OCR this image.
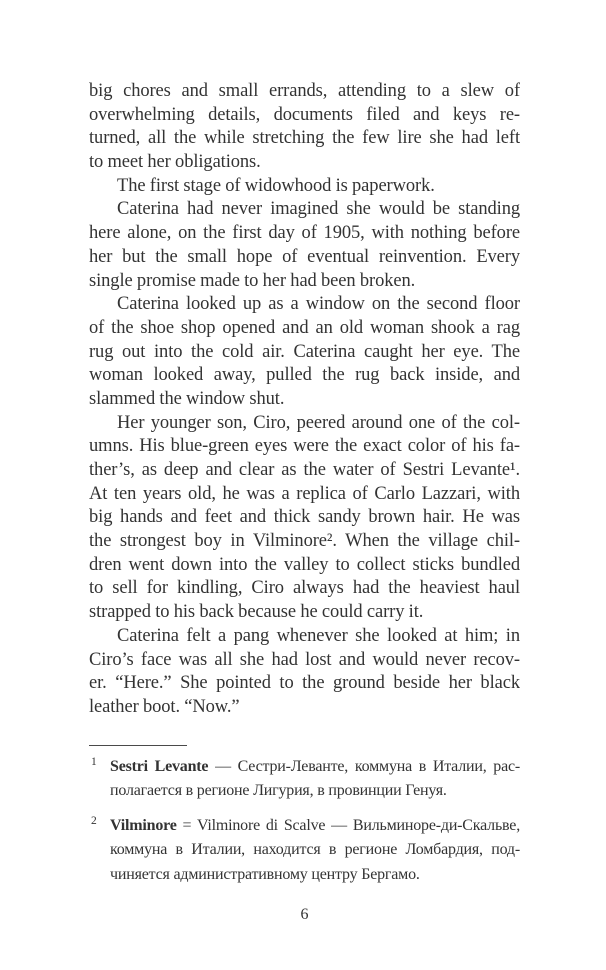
big chores and small errands, attending to a slew of
overwhelming details, documents filed and keys re-
turned, all the while stretching the few lire she had left
to meet her obligations.
The first stage of widowhood is paperwork.
Caterina had never imagined she would be standing
here alone, on the first day of 1905, with nothing before
her but the small hope of eventual reinvention. Every
single promise made to her had been broken.
Caterina looked up as a window on the second floor
of the shoe shop opened and an old woman shook a rag
rug out into the cold air. Caterina caught her eye. The
woman looked away, pulled the rug back inside, and
slammed the window shut.
Her younger son, Ciro, peered around one of the col-
umns. His blue-green eyes were the exact color of his fa-
ther’s, as deep and clear as the water of Sestri Levante¹.
At ten years old, he was a replica of Carlo Lazzari, with
big hands and feet and thick sandy brown hair. He was
the strongest boy in Vilminore². When the village chil-
dren went down into the valley to collect sticks bundled
to sell for kindling, Ciro always had the heaviest haul
strapped to his back because he could carry it.
Caterina felt a pang whenever she looked at him; in
Ciro’s face was all she had lost and would never recov-
er. “Here.” She pointed to the ground beside her black
leather boot. “Now.”
1 Sestri Levante — Сестри-Леванте, коммуна в Италии, рас-
полагается в регионе Лигурия, в провинции Генуя.
2 Vilminore = Vilminore di Scalve — Вильминоре-ди-Скальве,
коммуна в Италии, находится в регионе Ломбардия, под-
чиняется административному центру Бергамо.
6
